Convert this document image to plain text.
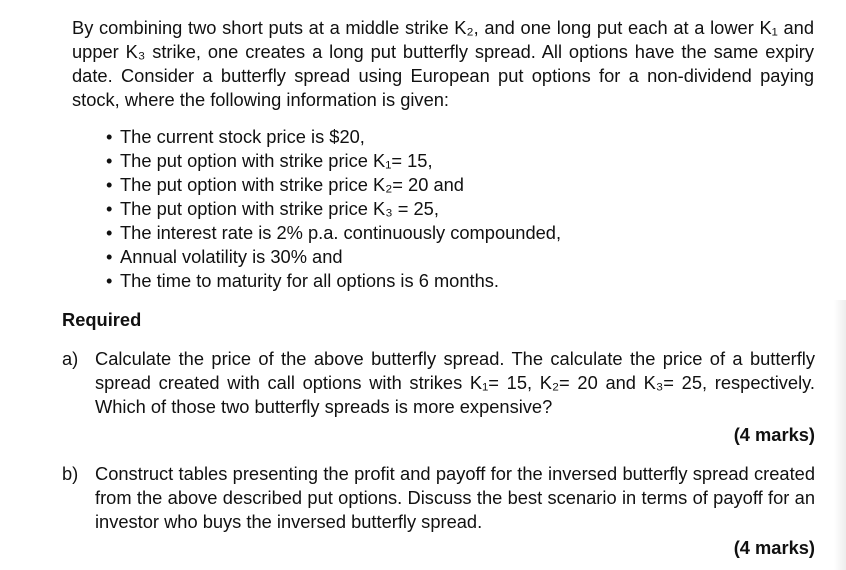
By combining two short puts at a middle strike K₂, and one long put each at a lower K₁ and upper K₃ strike, one creates a long put butterfly spread. All options have the same expiry date. Consider a butterfly spread using European put options for a non-dividend paying stock, where the following information is given:

• The current stock price is $20,
• The put option with strike price K₁= 15,
• The put option with strike price K₂= 20 and
• The put option with strike price K₃ = 25,
• The interest rate is 2% p.a. continuously compounded,
• Annual volatility is 30% and
• The time to maturity for all options is 6 months.
Required
a) Calculate the price of the above butterfly spread. The calculate the price of a butterfly spread created with call options with strikes K₁= 15, K₂= 20 and K₃= 25, respectively. Which of those two butterfly spreads is more expensive?

(4 marks)
b) Construct tables presenting the profit and payoff for the inversed butterfly spread created from the above described put options. Discuss the best scenario in terms of payoff for an investor who buys the inversed butterfly spread.

(4 marks)
